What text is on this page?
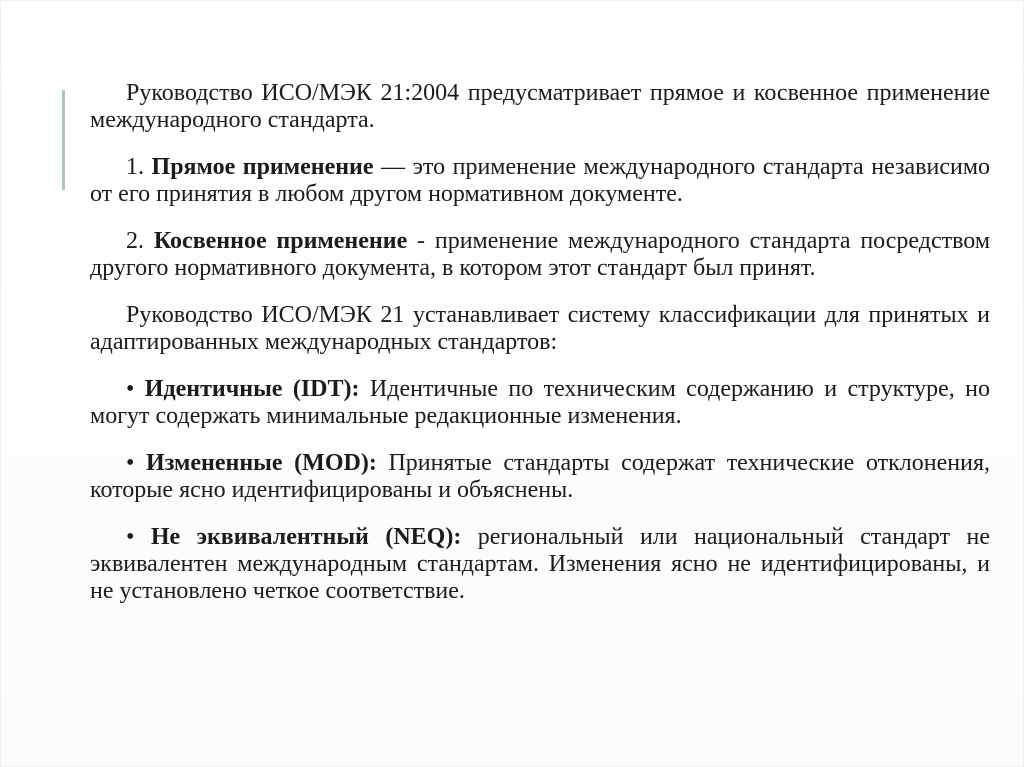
Руководство ИСО/МЭК 21:2004 предусматривает прямое и косвенное применение международного стандарта.

1. Прямое применение — это применение международного стандарта независимо от его принятия в любом другом нормативном документе.

2. Косвенное применение - применение международного стандарта посредством другого нормативного документа, в котором этот стандарт был принят.

Руководство ИСО/МЭК 21 устанавливает систему классификации для принятых и адаптированных международных стандартов:

• Идентичные (IDT): Идентичные по техническим содержанию и структуре, но могут содержать минимальные редакционные изменения.

• Измененные (MOD): Принятые стандарты содержат технические отклонения, которые ясно идентифицированы и объяснены.

• Не эквивалентный (NEQ): региональный или национальный стандарт не эквивалентен международным стандартам. Изменения ясно не идентифицированы, и не установлено четкое соответствие.
